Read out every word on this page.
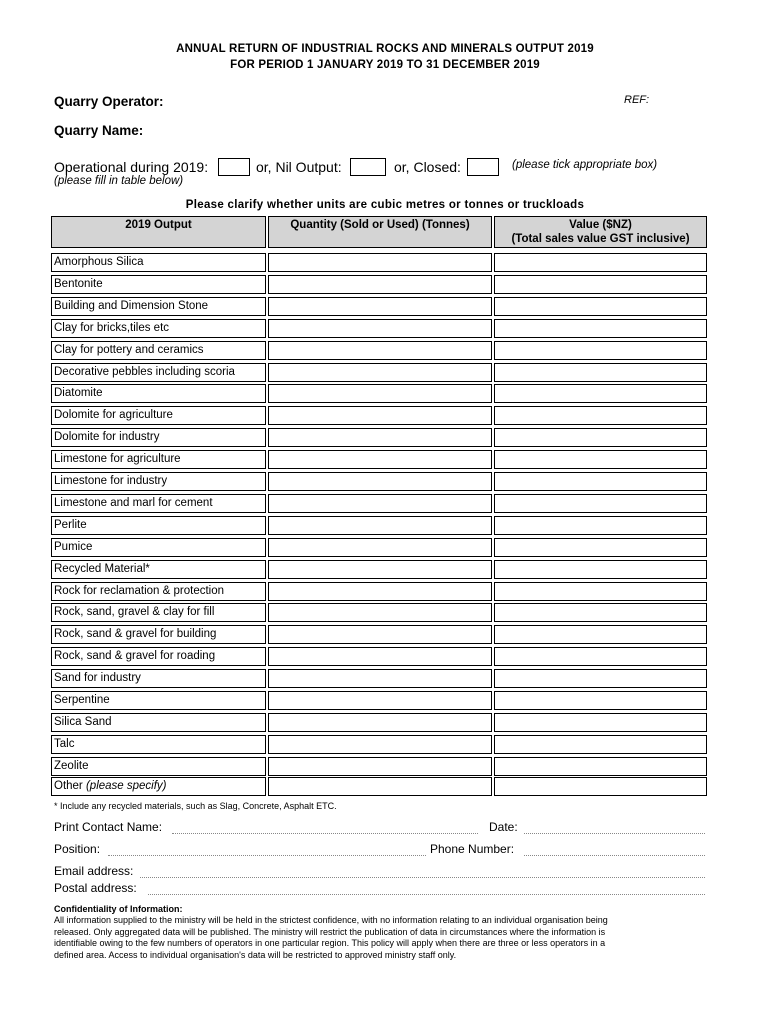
ANNUAL RETURN OF INDUSTRIAL ROCKS AND MINERALS OUTPUT 2019
FOR PERIOD 1 JANUARY 2019 TO 31 DECEMBER 2019
Quarry Operator:	REF:
Quarry Name:
Operational during 2019:	or, Nil Output:	or, Closed:	(please tick appropriate box)
(please fill in table below)
Please clarify whether units are cubic metres or tonnes or truckloads
2019 Output	Quantity (Sold or Used) (Tonnes)	Value ($NZ)
(Total sales value GST inclusive)
Amorphous Silica
Bentonite
Building and Dimension Stone
Clay for bricks,tiles etc
Clay for pottery and ceramics
Decorative pebbles including scoria
Diatomite
Dolomite for agriculture
Dolomite for industry
Limestone for agriculture
Limestone for industry
Limestone and marl for cement
Perlite
Pumice
Recycled Material*
Rock for reclamation & protection
Rock, sand, gravel & clay for fill
Rock, sand & gravel for building
Rock, sand & gravel for roading
Sand for industry
Serpentine
Silica Sand
Talc
Zeolite
Other (please specify)
* Include any recycled materials, such as Slag, Concrete, Asphalt ETC.
Print Contact Name:	Date:
Position:	Phone Number:
Email address:
Postal address:
Confidentiality of Information:
All information supplied to the ministry will be held in the strictest confidence, with no information relating to an individual organisation being
released. Only aggregated data will be published. The ministry will restrict the publication of data in circumstances where the information is
identifiable owing to the few numbers of operators in one particular region. This policy will apply when there are three or less operators in a
defined area. Access to individual organisation's data will be restricted to approved ministry staff only.
